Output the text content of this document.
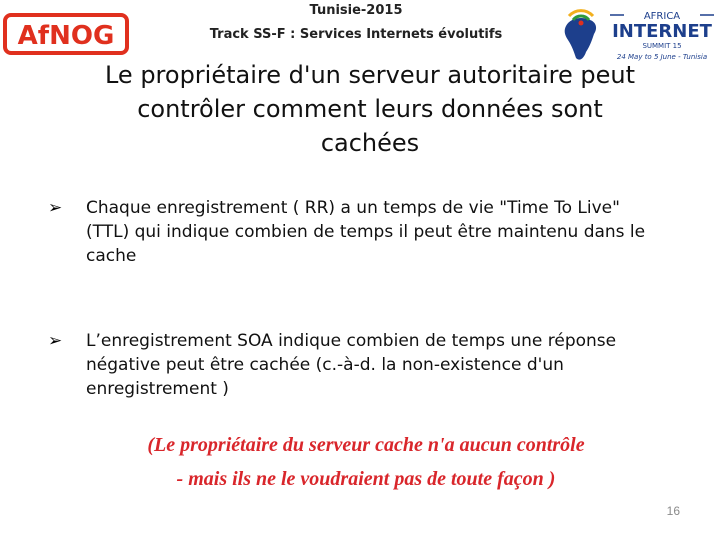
AfNOG
Tunisie-2015
Track SS-F : Services Internets évolutifs
AFRICA
INTERNET
SUMMIT 15
24 May to 5 June - Tunisia
Le propriétaire d'un serveur autoritaire peut
contrôler comment leurs données sont
cachées
➢	Chaque enregistrement ( RR) a un temps de vie "Time To Live" (TTL) qui indique combien de temps il peut être maintenu dans le cache
➢	L’enregistrement SOA indique combien de temps une réponse négative peut être cachée (c.-à-d. la non-existence d'un enregistrement )
(Le propriétaire du serveur cache n'a aucun contrôle
- mais ils ne le voudraient pas de toute façon )
16
